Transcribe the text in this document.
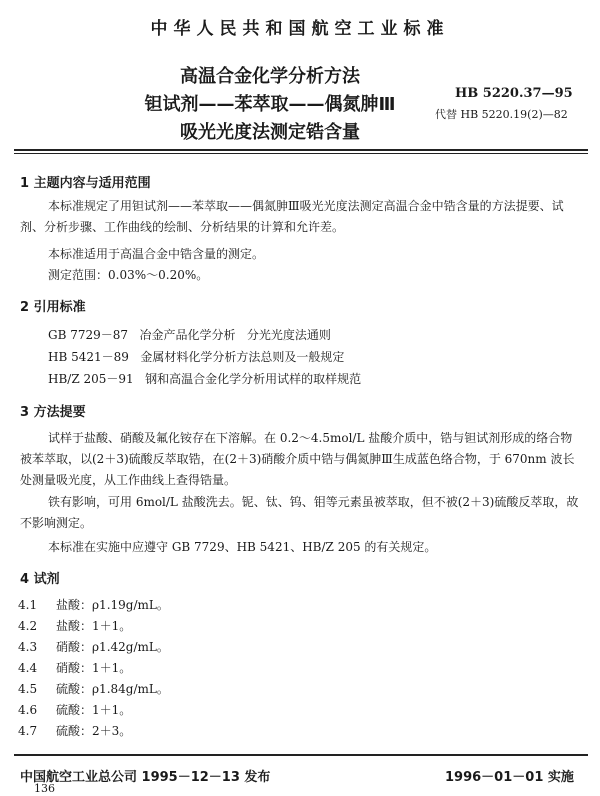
中华人民共和国航空工业标准
高温合金化学分析方法
钽试剂——苯萃取——偶氮胂Ⅲ
吸光光度法测定锆含量
HB 5220.37—95
代替 HB 5220.19(2)—82
1 主题内容与适用范围
本标准规定了用钽试剂——苯萃取——偶氮胂Ⅲ吸光光度法测定高温合金中锆含量的方法提要、试剂、分析步骤、工作曲线的绘制、分析结果的计算和允许差。
本标准适用于高温合金中锆含量的测定。
测定范围：0.03%～0.20%。
2 引用标准
GB 7729－87   冶金产品化学分析   分光光度法通则
HB 5421－89   金属材料化学分析方法总则及一般规定
HB/Z 205－91   钢和高温合金化学分析用试样的取样规范
3 方法提要
试样于盐酸、硝酸及氟化铵存在下溶解。在 0.2～4.5mol/L 盐酸介质中，锆与钽试剂形成的络合物被苯萃取，以(2＋3)硫酸反萃取锆，在(2＋3)硝酸介质中锆与偶氮胂Ⅲ生成蓝色络合物，于 670nm 波长处测量吸光度，从工作曲线上查得锆量。
铁有影响，可用 6mol/L 盐酸洗去。铌、钛、钨、钼等元素虽被萃取，但不被(2＋3)硫酸反萃取，故不影响测定。
本标准在实施中应遵守 GB 7729、HB 5421、HB/Z 205 的有关规定。
4 试剂
4.1 盐酸：ρ1.19g/mL。
4.2 盐酸：1＋1。
4.3 硝酸：ρ1.42g/mL。
4.4 硝酸：1＋1。
4.5 硫酸：ρ1.84g/mL。
4.6 硫酸：1＋1。
4.7 硫酸：2＋3。
中国航空工业总公司 1995－12－13 发布	1996－01－01 实施
136
